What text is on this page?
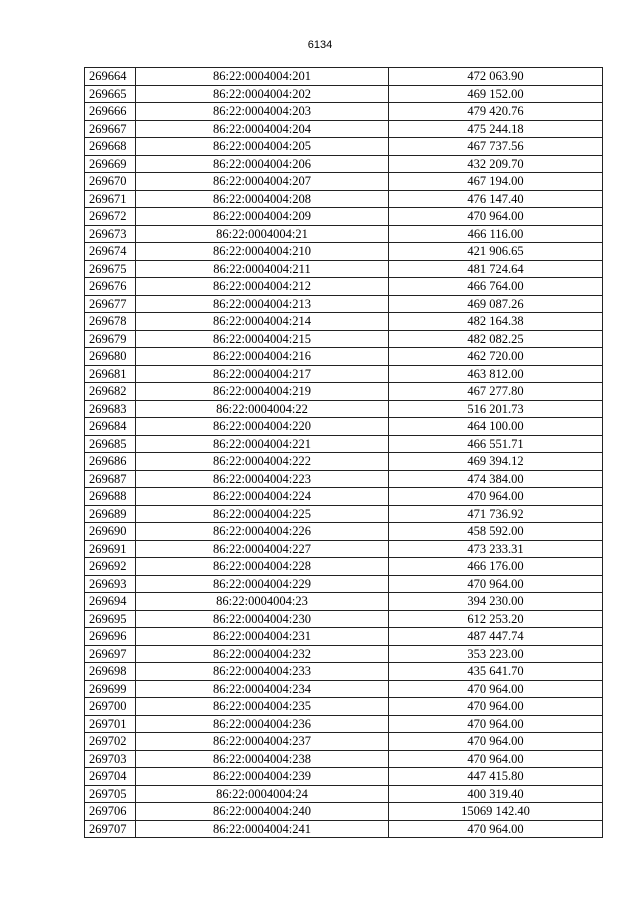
6134
269664	86:22:0004004:201	472 063.90
269665	86:22:0004004:202	469 152.00
269666	86:22:0004004:203	479 420.76
269667	86:22:0004004:204	475 244.18
269668	86:22:0004004:205	467 737.56
269669	86:22:0004004:206	432 209.70
269670	86:22:0004004:207	467 194.00
269671	86:22:0004004:208	476 147.40
269672	86:22:0004004:209	470 964.00
269673	86:22:0004004:21	466 116.00
269674	86:22:0004004:210	421 906.65
269675	86:22:0004004:211	481 724.64
269676	86:22:0004004:212	466 764.00
269677	86:22:0004004:213	469 087.26
269678	86:22:0004004:214	482 164.38
269679	86:22:0004004:215	482 082.25
269680	86:22:0004004:216	462 720.00
269681	86:22:0004004:217	463 812.00
269682	86:22:0004004:219	467 277.80
269683	86:22:0004004:22	516 201.73
269684	86:22:0004004:220	464 100.00
269685	86:22:0004004:221	466 551.71
269686	86:22:0004004:222	469 394.12
269687	86:22:0004004:223	474 384.00
269688	86:22:0004004:224	470 964.00
269689	86:22:0004004:225	471 736.92
269690	86:22:0004004:226	458 592.00
269691	86:22:0004004:227	473 233.31
269692	86:22:0004004:228	466 176.00
269693	86:22:0004004:229	470 964.00
269694	86:22:0004004:23	394 230.00
269695	86:22:0004004:230	612 253.20
269696	86:22:0004004:231	487 447.74
269697	86:22:0004004:232	353 223.00
269698	86:22:0004004:233	435 641.70
269699	86:22:0004004:234	470 964.00
269700	86:22:0004004:235	470 964.00
269701	86:22:0004004:236	470 964.00
269702	86:22:0004004:237	470 964.00
269703	86:22:0004004:238	470 964.00
269704	86:22:0004004:239	447 415.80
269705	86:22:0004004:24	400 319.40
269706	86:22:0004004:240	15069 142.40
269707	86:22:0004004:241	470 964.00
